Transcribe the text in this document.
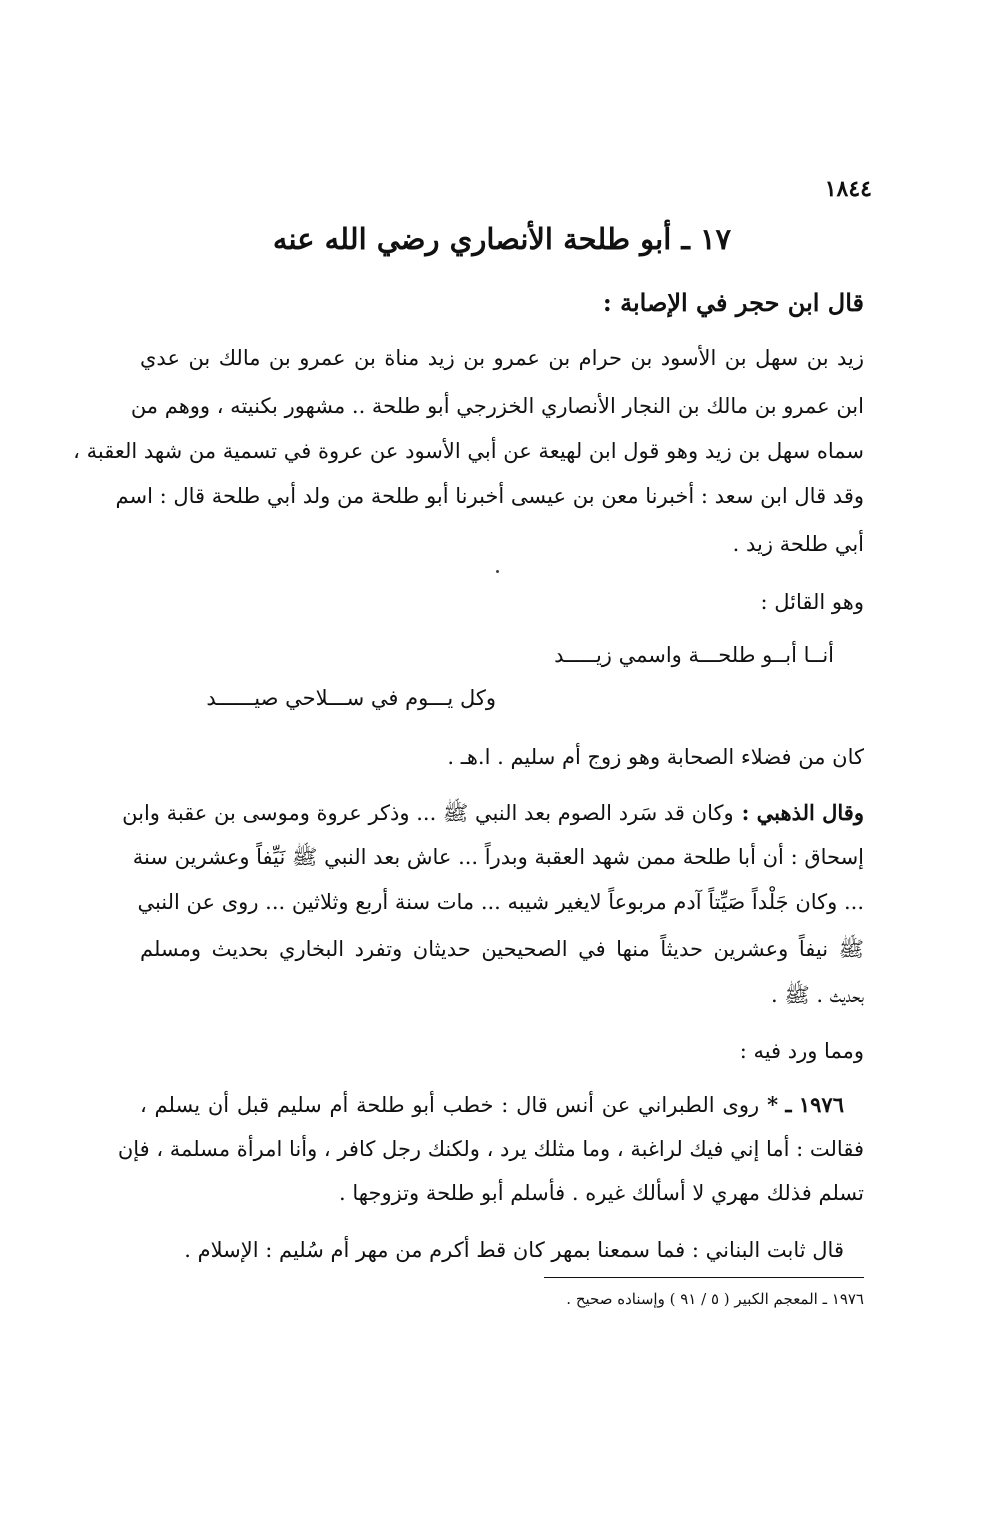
١٨٤٤
١٧ ـ أبو طلحة الأنصاري رضي الله عنه
قال ابن حجر في الإصابة :
زيد بن سهل بن الأسود بن حرام بن عمرو بن زيد مناة بن عمرو بن مالك بن عدي
ابن عمرو بن مالك بن النجار الأنصاري الخزرجي أبو طلحة .. مشهور بكنيته ، ووهم من
سماه سهل بن زيد وهو قول ابن لهيعة عن أبي الأسود عن عروة في تسمية من شهد العقبة ،
وقد قال ابن سعد : أخبرنا معن بن عيسى أخبرنا أبو طلحة من ولد أبي طلحة قال : اسم
أبي طلحة زيد .
وهو القائل :
أنــا أبــو طلحـــة واسمي زيـــــد
وكل يـــوم في ســـلاحي صيــــــد
كان من فضلاء الصحابة وهو زوج أم سليم . ا.هـ .
وقال الذهبي :
وكان قد سَرد الصوم بعد النبي ﷺ ... وذكر عروة وموسى بن عقبة وابن
إسحاق : أن أبا طلحة ممن شهد العقبة وبدراً ... عاش بعد النبي ﷺ نَيِّفاً وعشرين سنة
... وكان جَلْداً صَيِّتاً آدم مربوعاً لايغير شيبه ... مات سنة أربع وثلاثين ... روى عن النبي
ﷺ نيفاً وعشرين حديثاً منها في الصحيحين حديثان وتفرد البخاري بحديث ومسلم
بحديث . ﷺ .
ومما ورد فيه :
١٩٧٦ ـ *
روى الطبراني عن أنس قال : خطب أبو طلحة أم سليم قبل أن يسلم ،
فقالت : أما إني فيك لراغبة ، وما مثلك يرد ، ولكنك رجل كافر ، وأنا امرأة مسلمة ، فإن
تسلم فذلك مهري لا أسألك غيره . فأسلم أبو طلحة وتزوجها .
قال ثابت البناني : فما سمعنا بمهر كان قط أكرم من مهر أم سُليم : الإسلام .
١٩٧٦ ـ المعجم الكبير ( ٥ / ٩١ ) وإسناده صحيح .
